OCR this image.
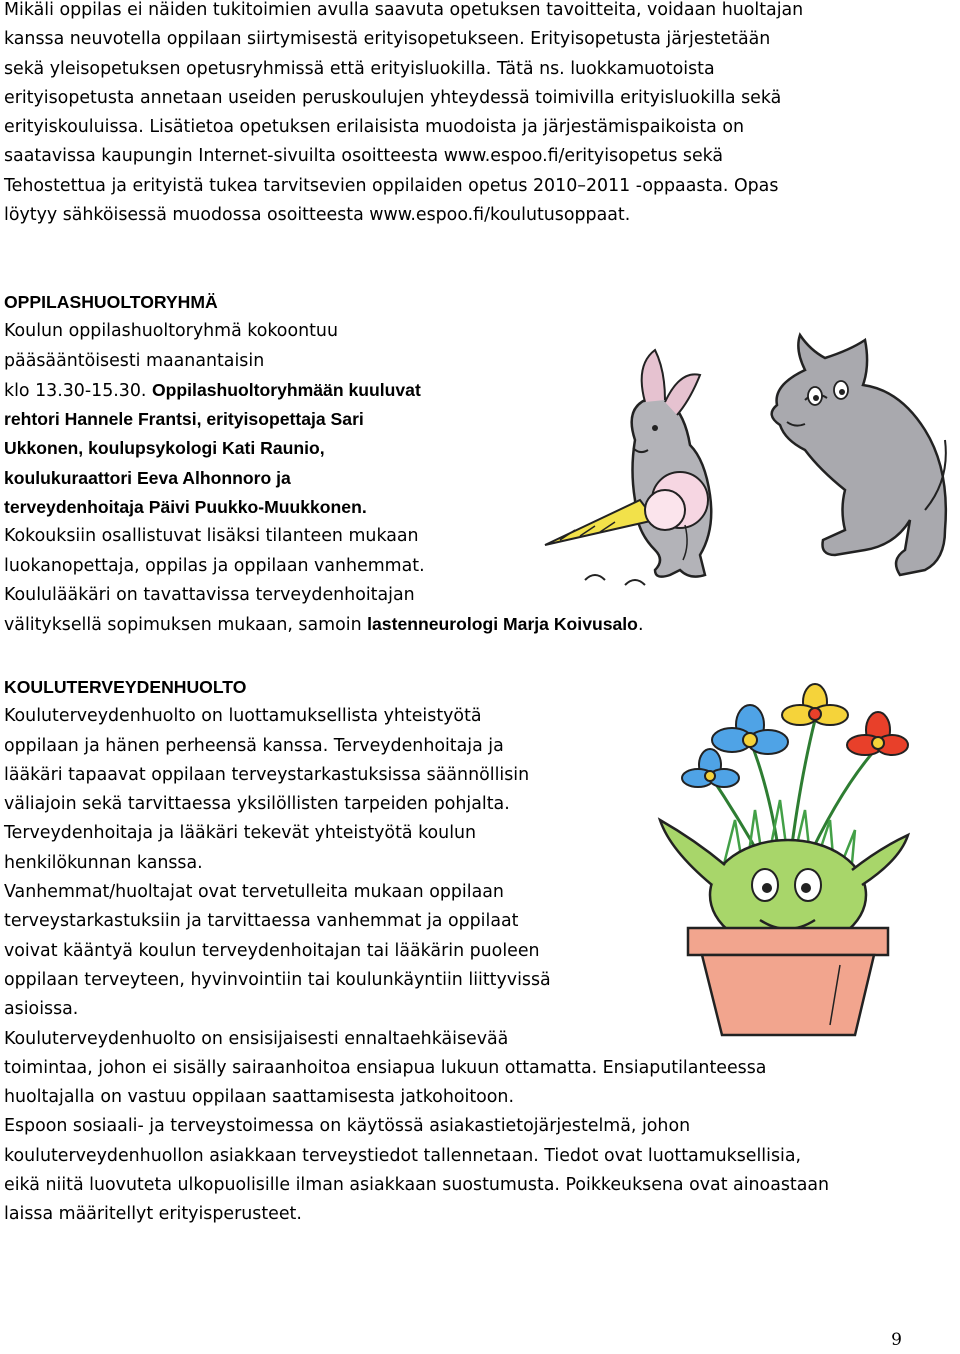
Mikäli oppilas ei näiden tukitoimien avulla saavuta opetuksen tavoitteita, voidaan huoltajan
kanssa neuvotella oppilaan siirtymisestä erityisopetukseen. Erityisopetusta järjestetään
sekä yleisopetuksen opetusryhmissä että erityisluokilla. Tätä ns. luokkamuotoista
erityisopetusta annetaan useiden peruskoulujen yhteydessä toimivilla erityisluokilla sekä
erityiskouluissa. Lisätietoa opetuksen erilaisista muodoista ja järjestämispaikoista on
saatavissa kaupungin Internet-sivuilta osoitteesta www.espoo.fi/erityisopetus sekä
Tehostettua ja erityistä tukea tarvitsevien oppilaiden opetus 2010–2011 -oppaasta. Opas
löytyy sähköisessä muodossa osoitteesta www.espoo.fi/koulutusoppaat.
OPPILASHUOLTORYHMÄ
Koulun oppilashuoltoryhmä kokoontuu
pääsääntöisesti maanantaisin
klo 13.30-15.30. Oppilashuoltoryhmään kuuluvat
rehtori Hannele Frantsi, erityisopettaja Sari
Ukkonen, koulupsykologi Kati Raunio,
koulukuraattori Eeva Alhonnoro ja
terveydenhoitaja Päivi Puukko-Muukkonen.
Kokouksiin osallistuvat lisäksi tilanteen mukaan
luokanopettaja, oppilas ja oppilaan vanhemmat.
Koululääkäri on tavattavissa terveydenhoitajan
välityksellä sopimuksen mukaan, samoin lastenneurologi Marja Koivusalo.
KOULUTERVEYDENHUOLTO
Kouluterveydenhuolto on luottamuksellista yhteistyötä
oppilaan ja hänen perheensä kanssa. Terveydenhoitaja ja
lääkäri tapaavat oppilaan terveystarkastuksissa säännöllisin
väliajoin sekä tarvittaessa yksilöllisten tarpeiden pohjalta.
Terveydenhoitaja ja lääkäri tekevät yhteistyötä koulun
henkilökunnan kanssa.
Vanhemmat/huoltajat ovat tervetulleita mukaan oppilaan
terveystarkastuksiin ja tarvittaessa vanhemmat ja oppilaat
voivat kääntyä koulun terveydenhoitajan tai lääkärin puoleen
oppilaan terveyteen, hyvinvointiin tai koulunkäyntiin liittyvissä
asioissa.
Kouluterveydenhuolto on ensisijaisesti ennaltaehkäisevää
toimintaa, johon ei sisälly sairaanhoitoa ensiapua lukuun ottamatta. Ensiaputilanteessa
huoltajalla on vastuu oppilaan saattamisesta jatkohoitoon.
Espoon sosiaali- ja terveystoimessa on käytössä asiakastietojärjestelmä, johon
kouluterveydenhuollon asiakkaan terveystiedot tallennetaan. Tiedot ovat luottamuksellisia,
eikä niitä luovuteta ulkopuolisille ilman asiakkaan suostumusta. Poikkeuksena ovat ainoastaan
laissa määritellyt erityisperusteet.
9
